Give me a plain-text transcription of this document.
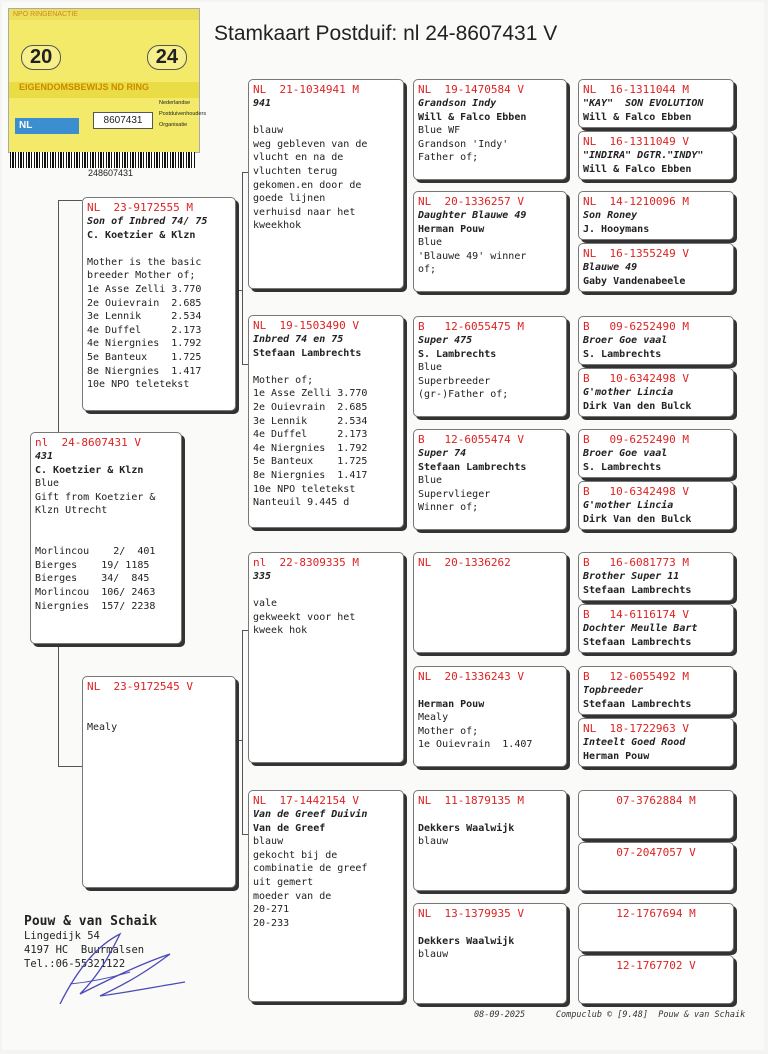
NPO RINGENACTIE
20	24
EIGENDOMSBEWIJS ND RING
NL	8607431
Nederlandse
Postduivenhouders
Organisatie
248607431
Stamkaart Postduif: nl 24-8607431 V
nl  24-8607431 V
431
C. Koetzier & Klzn
Blue
Gift from Koetzier &
Klzn Utrecht

Morlincou    2/  401
Bierges    19/ 1185
Bierges    34/  845
Morlincou  106/ 2463
Niergnies  157/ 2238
NL  23-9172555 M
Son of Inbred 74/ 75
C. Koetzier & Klzn

Mother is the basic
breeder Mother of;
1e Asse Zelli 3.770
2e Ouievrain  2.685
3e Lennik     2.534
4e Duffel     2.173
4e Niergnies  1.792
5e Banteux    1.725
8e Niergnies  1.417
10e NPO teletekst
NL  23-9172545 V

Mealy
NL  21-1034941 M
941

blauw
weg gebleven van de
vlucht en na de
vluchten terug
gekomen.en door de
goede lijnen
verhuisd naar het
kweekhok
NL  19-1503490 V
Inbred 74 en 75
Stefaan Lambrechts

Mother of;
1e Asse Zelli 3.770
2e Ouievrain  2.685
3e Lennik     2.534
4e Duffel     2.173
4e Niergnies  1.792
5e Banteux    1.725
8e Niergnies  1.417
10e NPO teletekst
Nanteuil 9.445 d
nl  22-8309335 M
335

vale
gekweekt voor het
kweek hok
NL  17-1442154 V
Van de Greef Duivin
Van de Greef
blauw
gekocht bij de
combinatie de greef
uit gemert
moeder van de
20-271
20-233
NL  19-1470584 V
Grandson Indy
Will & Falco Ebben
Blue WF
Grandson 'Indy'
Father of;
NL  20-1336257 V
Daughter Blauwe 49
Herman Pouw
Blue
'Blauwe 49' winner
of;
B   12-6055475 M
Super 475
S. Lambrechts
Blue
Superbreeder
(gr-)Father of;
B   12-6055474 V
Super 74
Stefaan Lambrechts
Blue
Supervlieger
Winner of;
NL  20-1336262
NL  20-1336243 V

Herman Pouw
Mealy
Mother of;
1e Ouievrain  1.407
NL  11-1879135 M

Dekkers Waalwijk
blauw
NL  13-1379935 V

Dekkers Waalwijk
blauw
NL  16-1311044 M
"KAY"  SON EVOLUTION
Will & Falco Ebben
NL  16-1311049 V
"INDIRA" DGTR."INDY"
Will & Falco Ebben
NL  14-1210096 M
Son Roney
J. Hooymans
NL  16-1355249 V
Blauwe 49
Gaby Vandenabeele
B   09-6252490 M
Broer Goe vaal
S. Lambrechts
B   10-6342498 V
G'mother Lincia
Dirk Van den Bulck
B   09-6252490 M
Broer Goe vaal
S. Lambrechts
B   10-6342498 V
G'mother Lincia
Dirk Van den Bulck
B   16-6081773 M
Brother Super 11
Stefaan Lambrechts
B   14-6116174 V
Dochter Meulle Bart
Stefaan Lambrechts
B   12-6055492 M
Topbreeder
Stefaan Lambrechts
NL  18-1722963 V
Inteelt Goed Rood
Herman Pouw
07-3762884 M
07-2047057 V
12-1767694 M
12-1767702 V
Pouw & van Schaik
Lingedijk 54
4197 HC  Buurmalsen
Tel.:06-55321122
08-09-2025      Compuclub © [9.48]  Pouw & van Schaik
